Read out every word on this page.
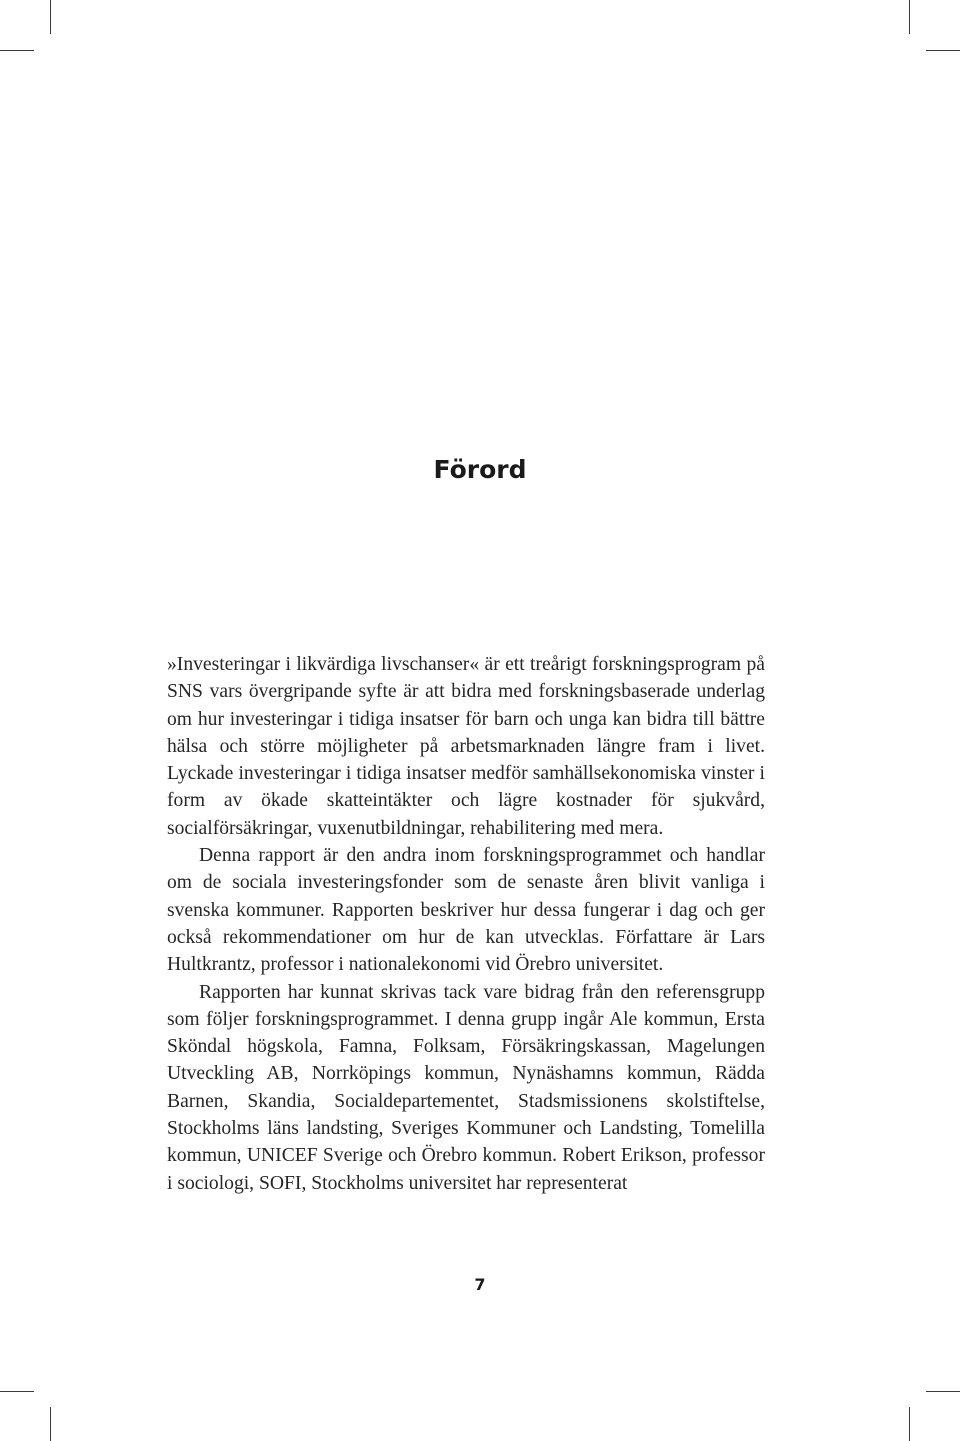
Förord

»Investeringar i likvärdiga livschanser« är ett treårigt forskningsprogram på SNS vars övergripande syfte är att bidra med forskningsbaserade underlag om hur investeringar i tidiga insatser för barn och unga kan bidra till bättre hälsa och större möjligheter på arbetsmarknaden längre fram i livet. Lyckade investeringar i tidiga insatser medför samhällsekonomiska vinster i form av ökade skatteintäkter och lägre kostnader för sjukvård, socialförsäkringar, vuxenutbildningar, rehabilitering med mera.

Denna rapport är den andra inom forskningsprogrammet och handlar om de sociala investeringsfonder som de senaste åren blivit vanliga i svenska kommuner. Rapporten beskriver hur dessa fungerar i dag och ger också rekommendationer om hur de kan utvecklas. Författare är Lars Hultkrantz, professor i nationalekonomi vid Örebro universitet.

Rapporten har kunnat skrivas tack vare bidrag från den referensgrupp som följer forskningsprogrammet. I denna grupp ingår Ale kommun, Ersta Sköndal högskola, Famna, Folksam, Försäkringskassan, Magelungen Utveckling AB, Norrköpings kommun, Nynäshamns kommun, Rädda Barnen, Skandia, Socialdepartementet, Stadsmissionens skolstiftelse, Stockholms läns landsting, Sveriges Kommuner och Landsting, Tomelilla kommun, UNICEF Sverige och Örebro kommun. Robert Erikson, professor i sociologi, SOFI, Stockholms universitet har representerat

7
